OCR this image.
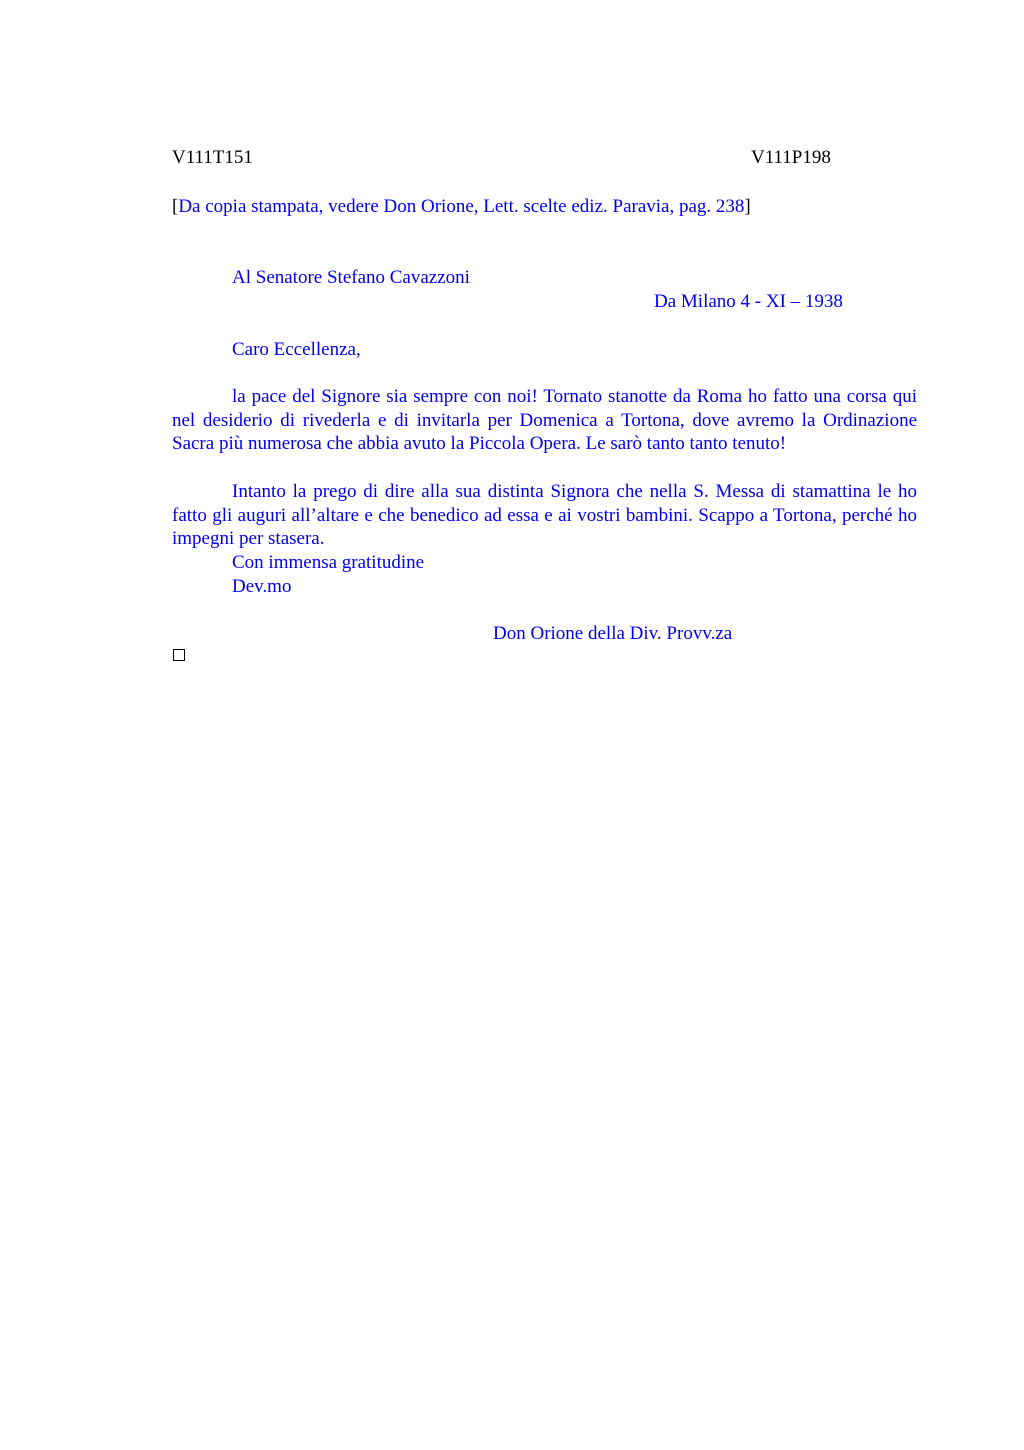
V111T151	V111P198
[Da copia stampata, vedere Don Orione, Lett. scelte ediz. Paravia, pag. 238]
Al Senatore Stefano Cavazzoni
Da Milano 4 - XI – 1938
Caro Eccellenza,
la pace del Signore sia sempre con noi! Tornato stanotte da Roma ho fatto una corsa qui nel desiderio di rivederla e di invitarla per Domenica a Tortona, dove avremo la Ordinazione Sacra più numerosa che abbia avuto la Piccola Opera. Le sarò tanto tanto tenuto!
Intanto la prego di dire alla sua distinta Signora che nella S. Messa di stamattina le ho fatto gli auguri all’altare e che benedico ad essa e ai vostri bambini. Scappo a Tortona, perché ho impegni per stasera.
Con immensa gratitudine
Dev.mo
Don Orione della Div. Provv.za
